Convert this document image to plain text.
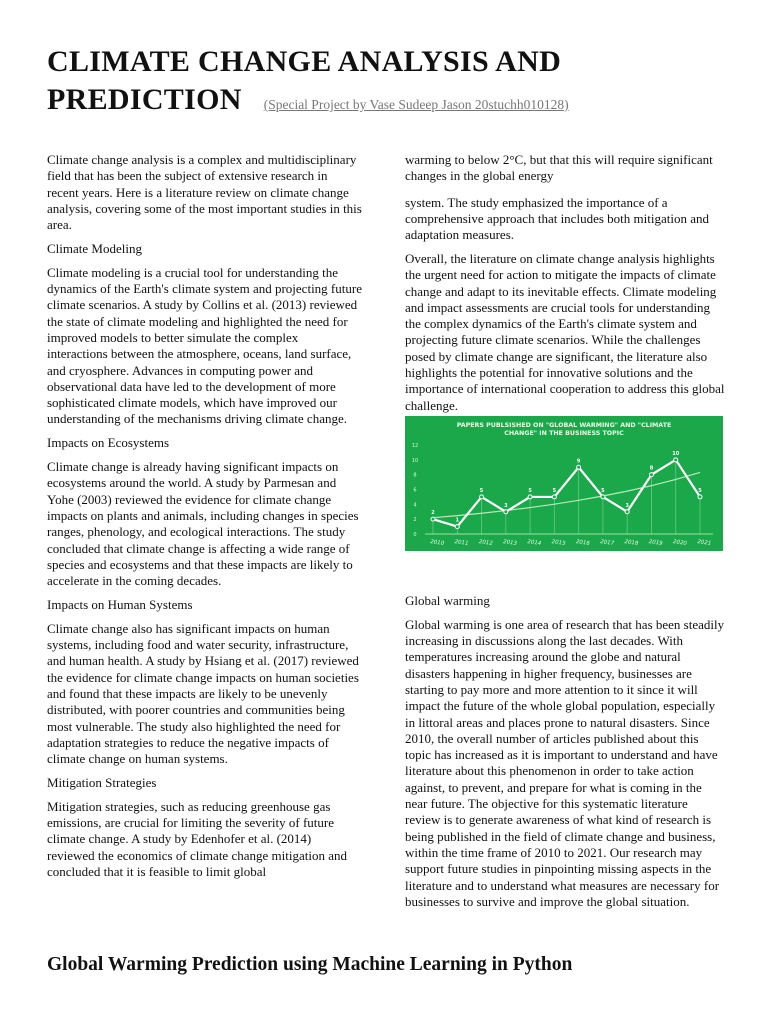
CLIMATE CHANGE ANALYSIS AND
PREDICTION (Special Project by Vase Sudeep Jason 20stuchh010128)

Climate change analysis is a complex and multidisciplinary field that has been the subject of extensive research in recent years. Here is a literature review on climate change analysis, covering some of the most important studies in this area.

Climate Modeling

Climate modeling is a crucial tool for understanding the dynamics of the Earth's climate system and projecting future climate scenarios. A study by Collins et al. (2013) reviewed the state of climate modeling and highlighted the need for improved models to better simulate the complex interactions between the atmosphere, oceans, land surface, and cryosphere. Advances in computing power and observational data have led to the development of more sophisticated climate models, which have improved our understanding of the mechanisms driving climate change.

Impacts on Ecosystems

Climate change is already having significant impacts on ecosystems around the world. A study by Parmesan and Yohe (2003) reviewed the evidence for climate change impacts on plants and animals, including changes in species ranges, phenology, and ecological interactions. The study concluded that climate change is affecting a wide range of species and ecosystems and that these impacts are likely to accelerate in the coming decades.

Impacts on Human Systems

Climate change also has significant impacts on human systems, including food and water security, infrastructure, and human health. A study by Hsiang et al. (2017) reviewed the evidence for climate change impacts on human societies and found that these impacts are likely to be unevenly distributed, with poorer countries and communities being most vulnerable. The study also highlighted the need for adaptation strategies to reduce the negative impacts of climate change on human systems.

Mitigation Strategies

Mitigation strategies, such as reducing greenhouse gas emissions, are crucial for limiting the severity of future climate change. A study by Edenhofer et al. (2014) reviewed the economics of climate change mitigation and concluded that it is feasible to limit global

warming to below 2°C, but that this will require significant changes in the global energy

system. The study emphasized the importance of a comprehensive approach that includes both mitigation and adaptation measures.

Overall, the literature on climate change analysis highlights the urgent need for action to mitigate the impacts of climate change and adapt to its inevitable effects. Climate modeling and impact assessments are crucial tools for understanding the complex dynamics of the Earth's climate system and projecting future climate scenarios. While the challenges posed by climate change are significant, the literature also highlights the potential for innovative solutions and the importance of international cooperation to address this global challenge.

PAPERS PUBLSISHED ON "GLOBAL WARMING" AND "CLIMATE
CHANGE" IN THE BUSINESS TOPIC
0
2
4
6
8
10
12
2
1
5
3
5	5
9
5
3
8
10
5
2010 2011 2012 2013 2014 2015 2016 2017 2018 2019 2020 2021

Global warming

Global warming is one area of research that has been steadily increasing in discussions along the last decades. With temperatures increasing around the globe and natural disasters happening in higher frequency, businesses are starting to pay more and more attention to it since it will impact the future of the whole global population, especially in littoral areas and places prone to natural disasters. Since 2010, the overall number of articles published about this topic has increased as it is important to understand and have literature about this phenomenon in order to take action against, to prevent, and prepare for what is coming in the near future. The objective for this systematic literature review is to generate awareness of what kind of research is being published in the field of climate change and business, within the time frame of 2010 to 2021. Our research may support future studies in pinpointing missing aspects in the literature and to understand what measures are necessary for businesses to survive and improve the global situation.

Global Warming Prediction using Machine Learning in Python
